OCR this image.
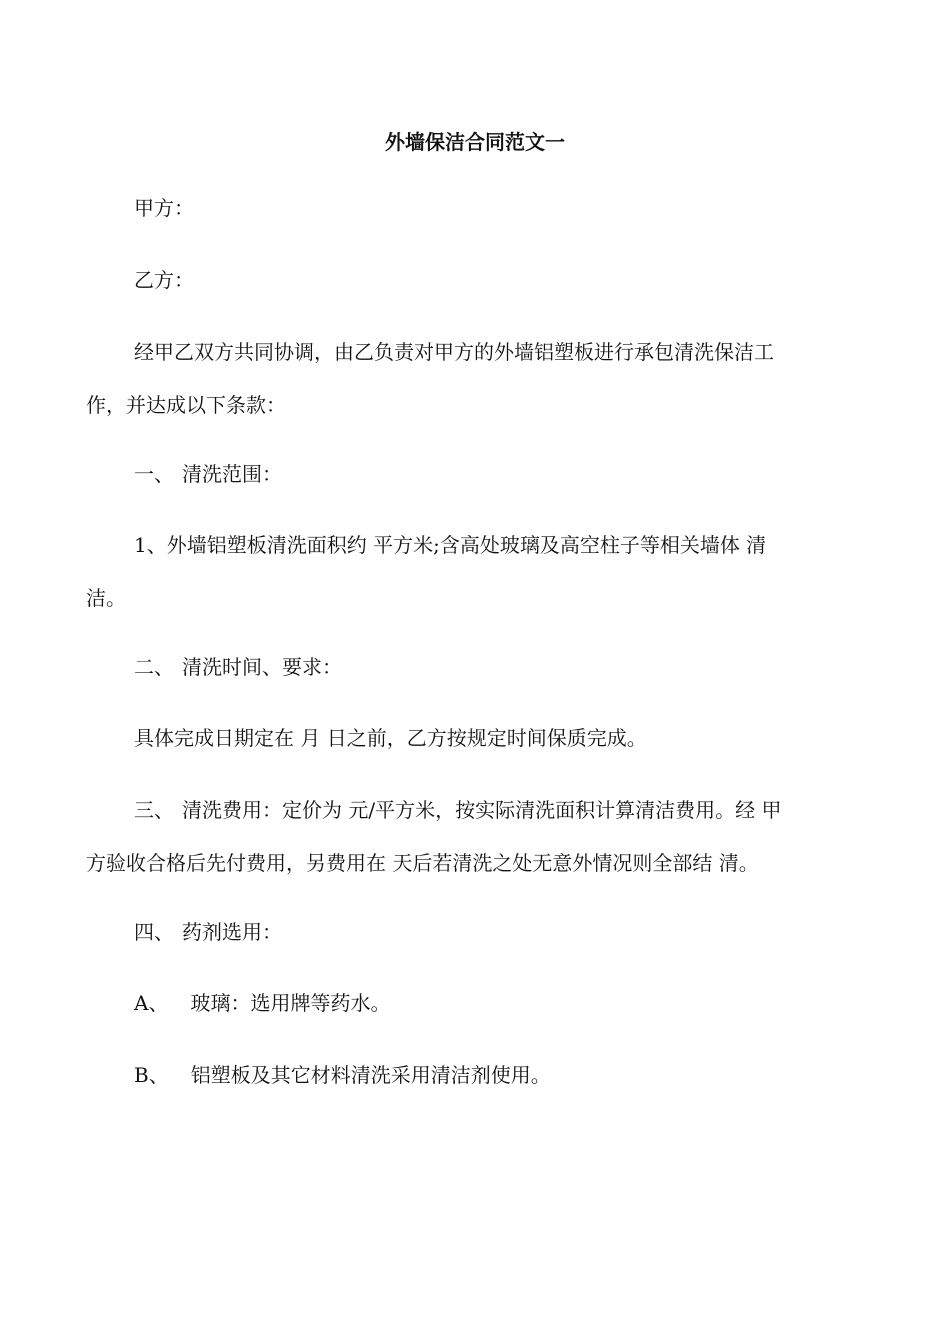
外墙保洁合同范文一
甲方：
乙方：
经甲乙双方共同协调，由乙负责对甲方的外墙铝塑板进行承包清洗保洁工
作，并达成以下条款：
一、 清洗范围：
1、外墙铝塑板清洗面积约 平方米;含高处玻璃及高空柱子等相关墙体 清
洁。
二、 清洗时间、要求：
具体完成日期定在 月 日之前，乙方按规定时间保质完成。
三、 清洗费用：定价为 元/平方米，按实际清洗面积计算清洁费用。经 甲
方验收合格后先付费用，另费用在 天后若清洗之处无意外情况则全部结 清。
四、 药剂选用：
A、 玻璃：选用牌等药水。
B、 铝塑板及其它材料清洗采用清洁剂使用。
